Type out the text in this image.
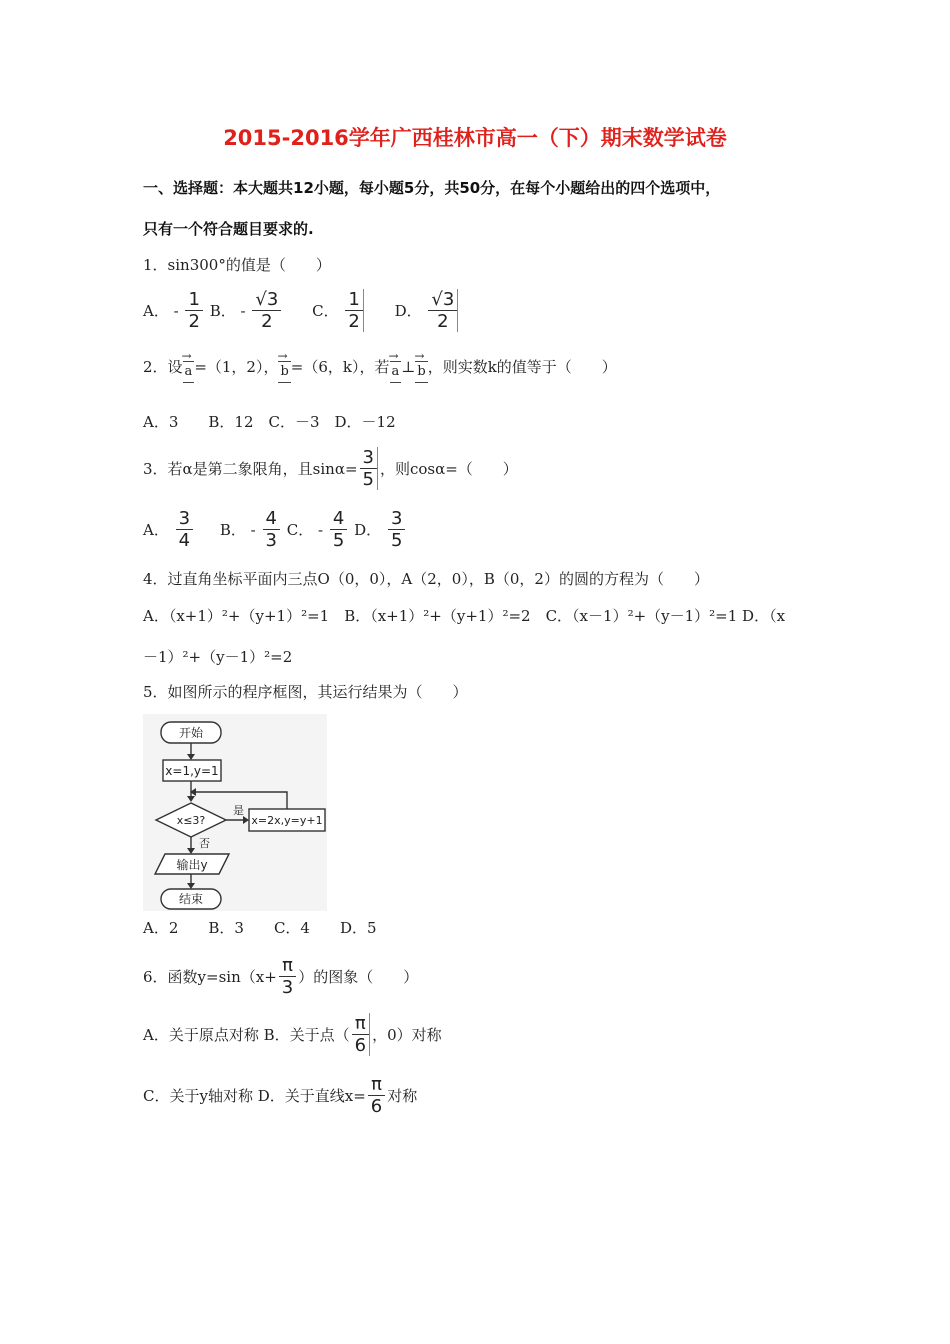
2015-2016学年广西桂林市高一（下）期末数学试卷
一、选择题：本大题共12小题，每小题5分，共50分，在每个小题给出的四个选项中，
只有一个符合题目要求的.
1．sin300°的值是（　　）
A． - $\frac{1}{2}$ B． - $\frac{√3}{2}$ C． $\frac{1}{2}$ D． $\frac{√3}{2}$
2．设 → a =（1，2）， → b =（6，k），若 → a ⊥ → b ，则实数k的值等于（　　）
A．3　　B．12　C．－3　D．－12
3．若α是第二象限角，且$\sin\alpha= \frac{3}{5}$ ，则cosα=（　　）
A． $\frac{3}{4}$ B． - $\frac{4}{3}$ C． - $\frac{4}{5}$ D． $\frac{3}{5}$
4．过直角坐标平面内三点O（0，0），A（2，0），B（0，2）的圆的方程为（　　）
A．（x+1）²+（y+1）²=1　B．（x+1）²+（y+1）²=2　C．（x－1）²+（y－1）²=1 D．（x
－1）²+（y－1）²=2
5．如图所示的程序框图，其运行结果为（　　）
开始
x=1,y=1
x≤3?
是
x=2x,y=y+1
否
输出y
结束
A．2　　B．3　　C．4　　D．5
6．函数$y=\sin(x+ \frac{\pi}{3}$ ）的图象（　　）
A．关于原点对称 B．关于点（ $\frac{\pi}{6}$ ，0）对称
C．关于y轴对称 D．关于直线$x= \frac{\pi}{6}$ 对称
